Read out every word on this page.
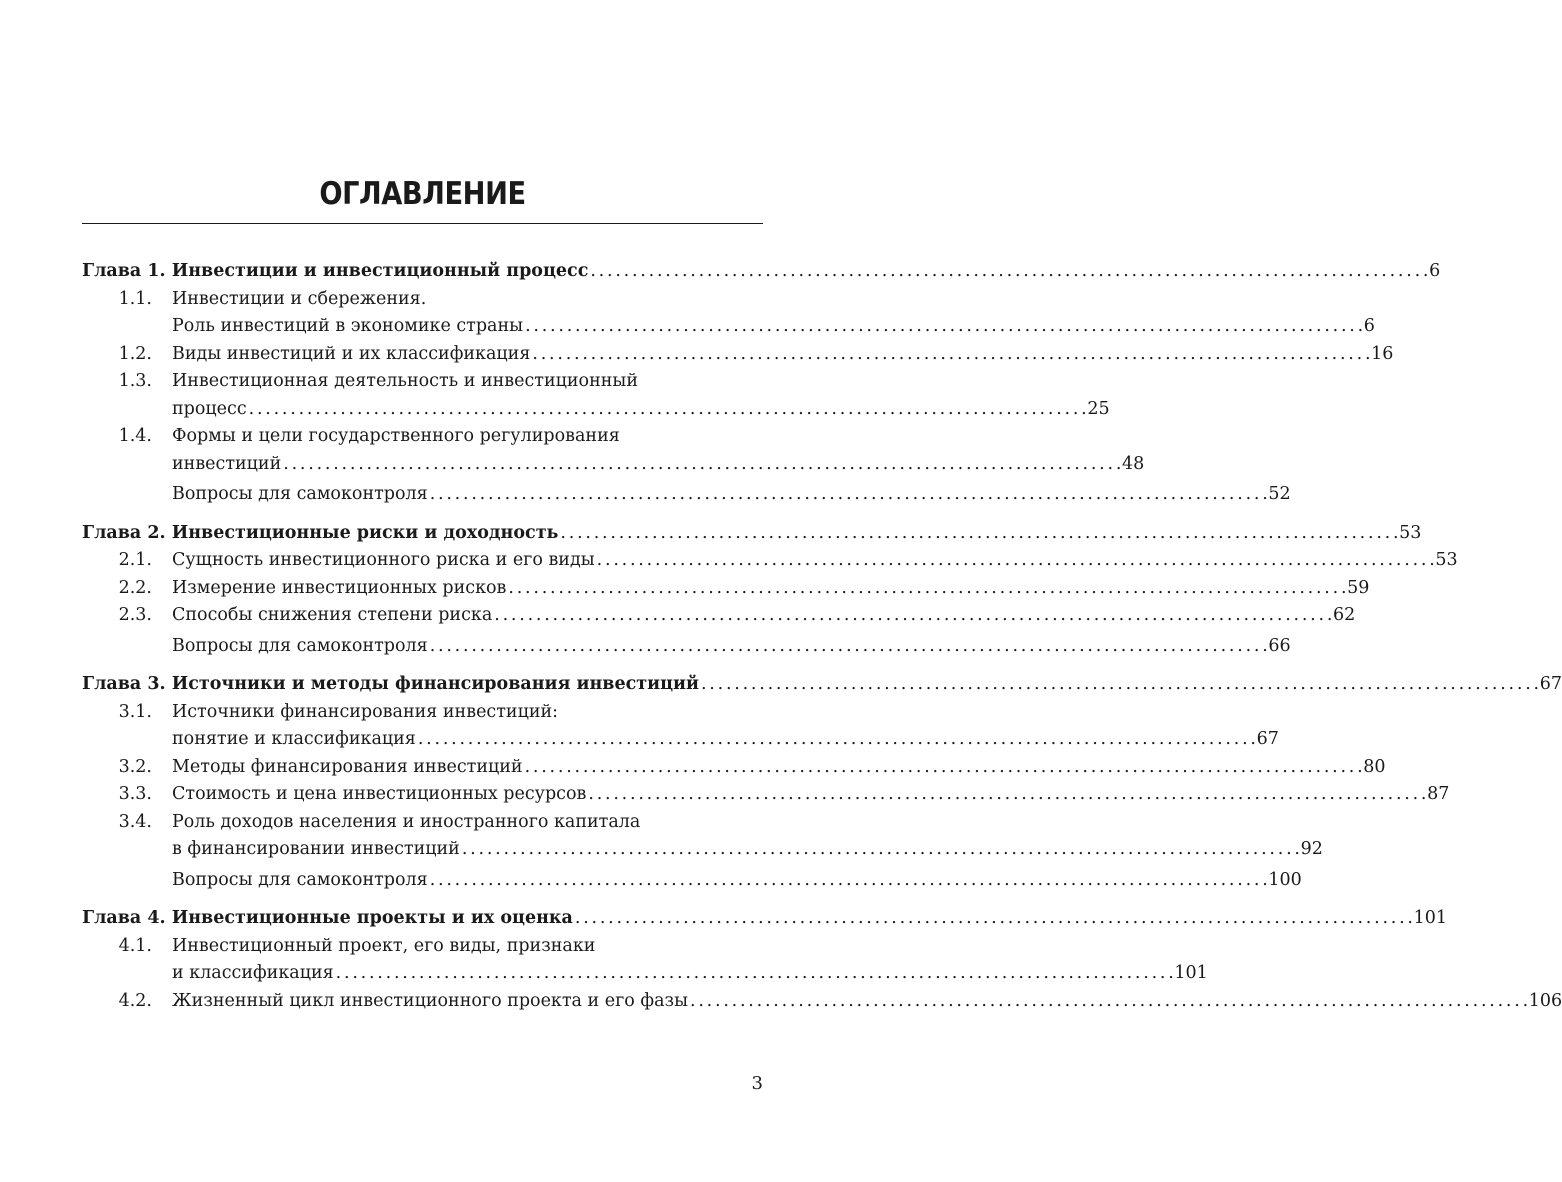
ОГЛАВЛЕНИЕ
Глава 1. Инвестиции и инвестиционный процесс . . .	6
1.1.	Инвестиции и сбережения.
Роль инвестиций в экономике страны . . .	6
1.2.	Виды инвестиций и их классификация . . .	16
1.3.	Инвестиционная деятельность и инвестиционный
процесс . . .	25
1.4.	Формы и цели государственного регулирования
инвестиций . . .	48
Вопросы для самоконтроля . . .	52
Глава 2. Инвестиционные риски и доходность . . .	53
2.1.	Сущность инвестиционного риска и его виды . . .	53
2.2.	Измерение инвестиционных рисков . . .	59
2.3.	Способы снижения степени риска . . .	62
Вопросы для самоконтроля . . .	66
Глава 3. Источники и методы финансирования инвестиций . . .	67
3.1.	Источники финансирования инвестиций:
понятие и классификация . . .	67
3.2.	Методы финансирования инвестиций . . .	80
3.3.	Стоимость и цена инвестиционных ресурсов . . .	87
3.4.	Роль доходов населения и иностранного капитала
в финансировании инвестиций . . .	92
Вопросы для самоконтроля . . .	100
Глава 4. Инвестиционные проекты и их оценка . . .	101
4.1.	Инвестиционный проект, его виды, признаки
и классификация . . .	101
4.2.	Жизненный цикл инвестиционного проекта и его фазы . . .	106
3
